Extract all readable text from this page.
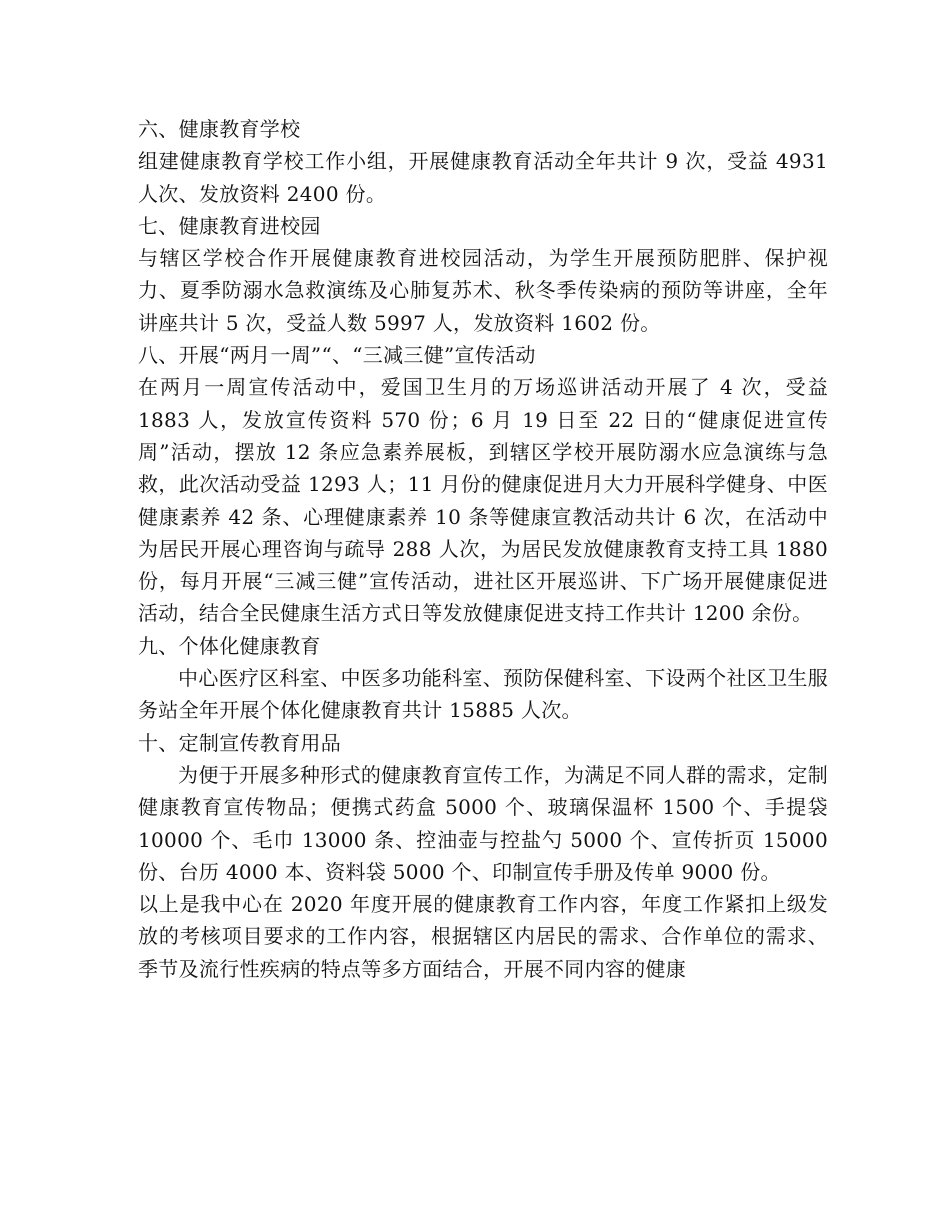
六、健康教育学校

组建健康教育学校工作小组，开展健康教育活动全年共计 9 次，受益 4931 人次、发放资料 2400 份。

七、健康教育进校园

与辖区学校合作开展健康教育进校园活动，为学生开展预防肥胖、保护视力、夏季防溺水急救演练及心肺复苏术、秋冬季传染病的预防等讲座，全年讲座共计 5 次，受益人数 5997 人，发放资料 1602 份。

八、开展“两月一周”“、“三减三健”宣传活动

在两月一周宣传活动中，爱国卫生月的万场巡讲活动开展了 4 次，受益 1883 人，发放宣传资料 570 份；6 月 19 日至 22 日的“健康促进宣传周”活动，摆放 12 条应急素养展板，到辖区学校开展防溺水应急演练与急救，此次活动受益 1293 人；11 月份的健康促进月大力开展科学健身、中医健康素养 42 条、心理健康素养 10 条等健康宣教活动共计 6 次，在活动中为居民开展心理咨询与疏导 288 人次，为居民发放健康教育支持工具 1880 份，每月开展“三减三健”宣传活动，进社区开展巡讲、下广场开展健康促进活动，结合全民健康生活方式日等发放健康促进支持工作共计 1200 余份。

九、个体化健康教育

中心医疗区科室、中医多功能科室、预防保健科室、下设两个社区卫生服务站全年开展个体化健康教育共计 15885 人次。

十、定制宣传教育用品

为便于开展多种形式的健康教育宣传工作，为满足不同人群的需求，定制健康教育宣传物品；便携式药盒 5000 个、玻璃保温杯 1500 个、手提袋 10000 个、毛巾 13000 条、控油壶与控盐勺 5000 个、宣传折页 15000 份、台历 4000 本、资料袋 5000 个、印制宣传手册及传单 9000 份。

以上是我中心在 2020 年度开展的健康教育工作内容，年度工作紧扣上级发放的考核项目要求的工作内容，根据辖区内居民的需求、合作单位的需求、季节及流行性疾病的特点等多方面结合，开展不同内容的健康
